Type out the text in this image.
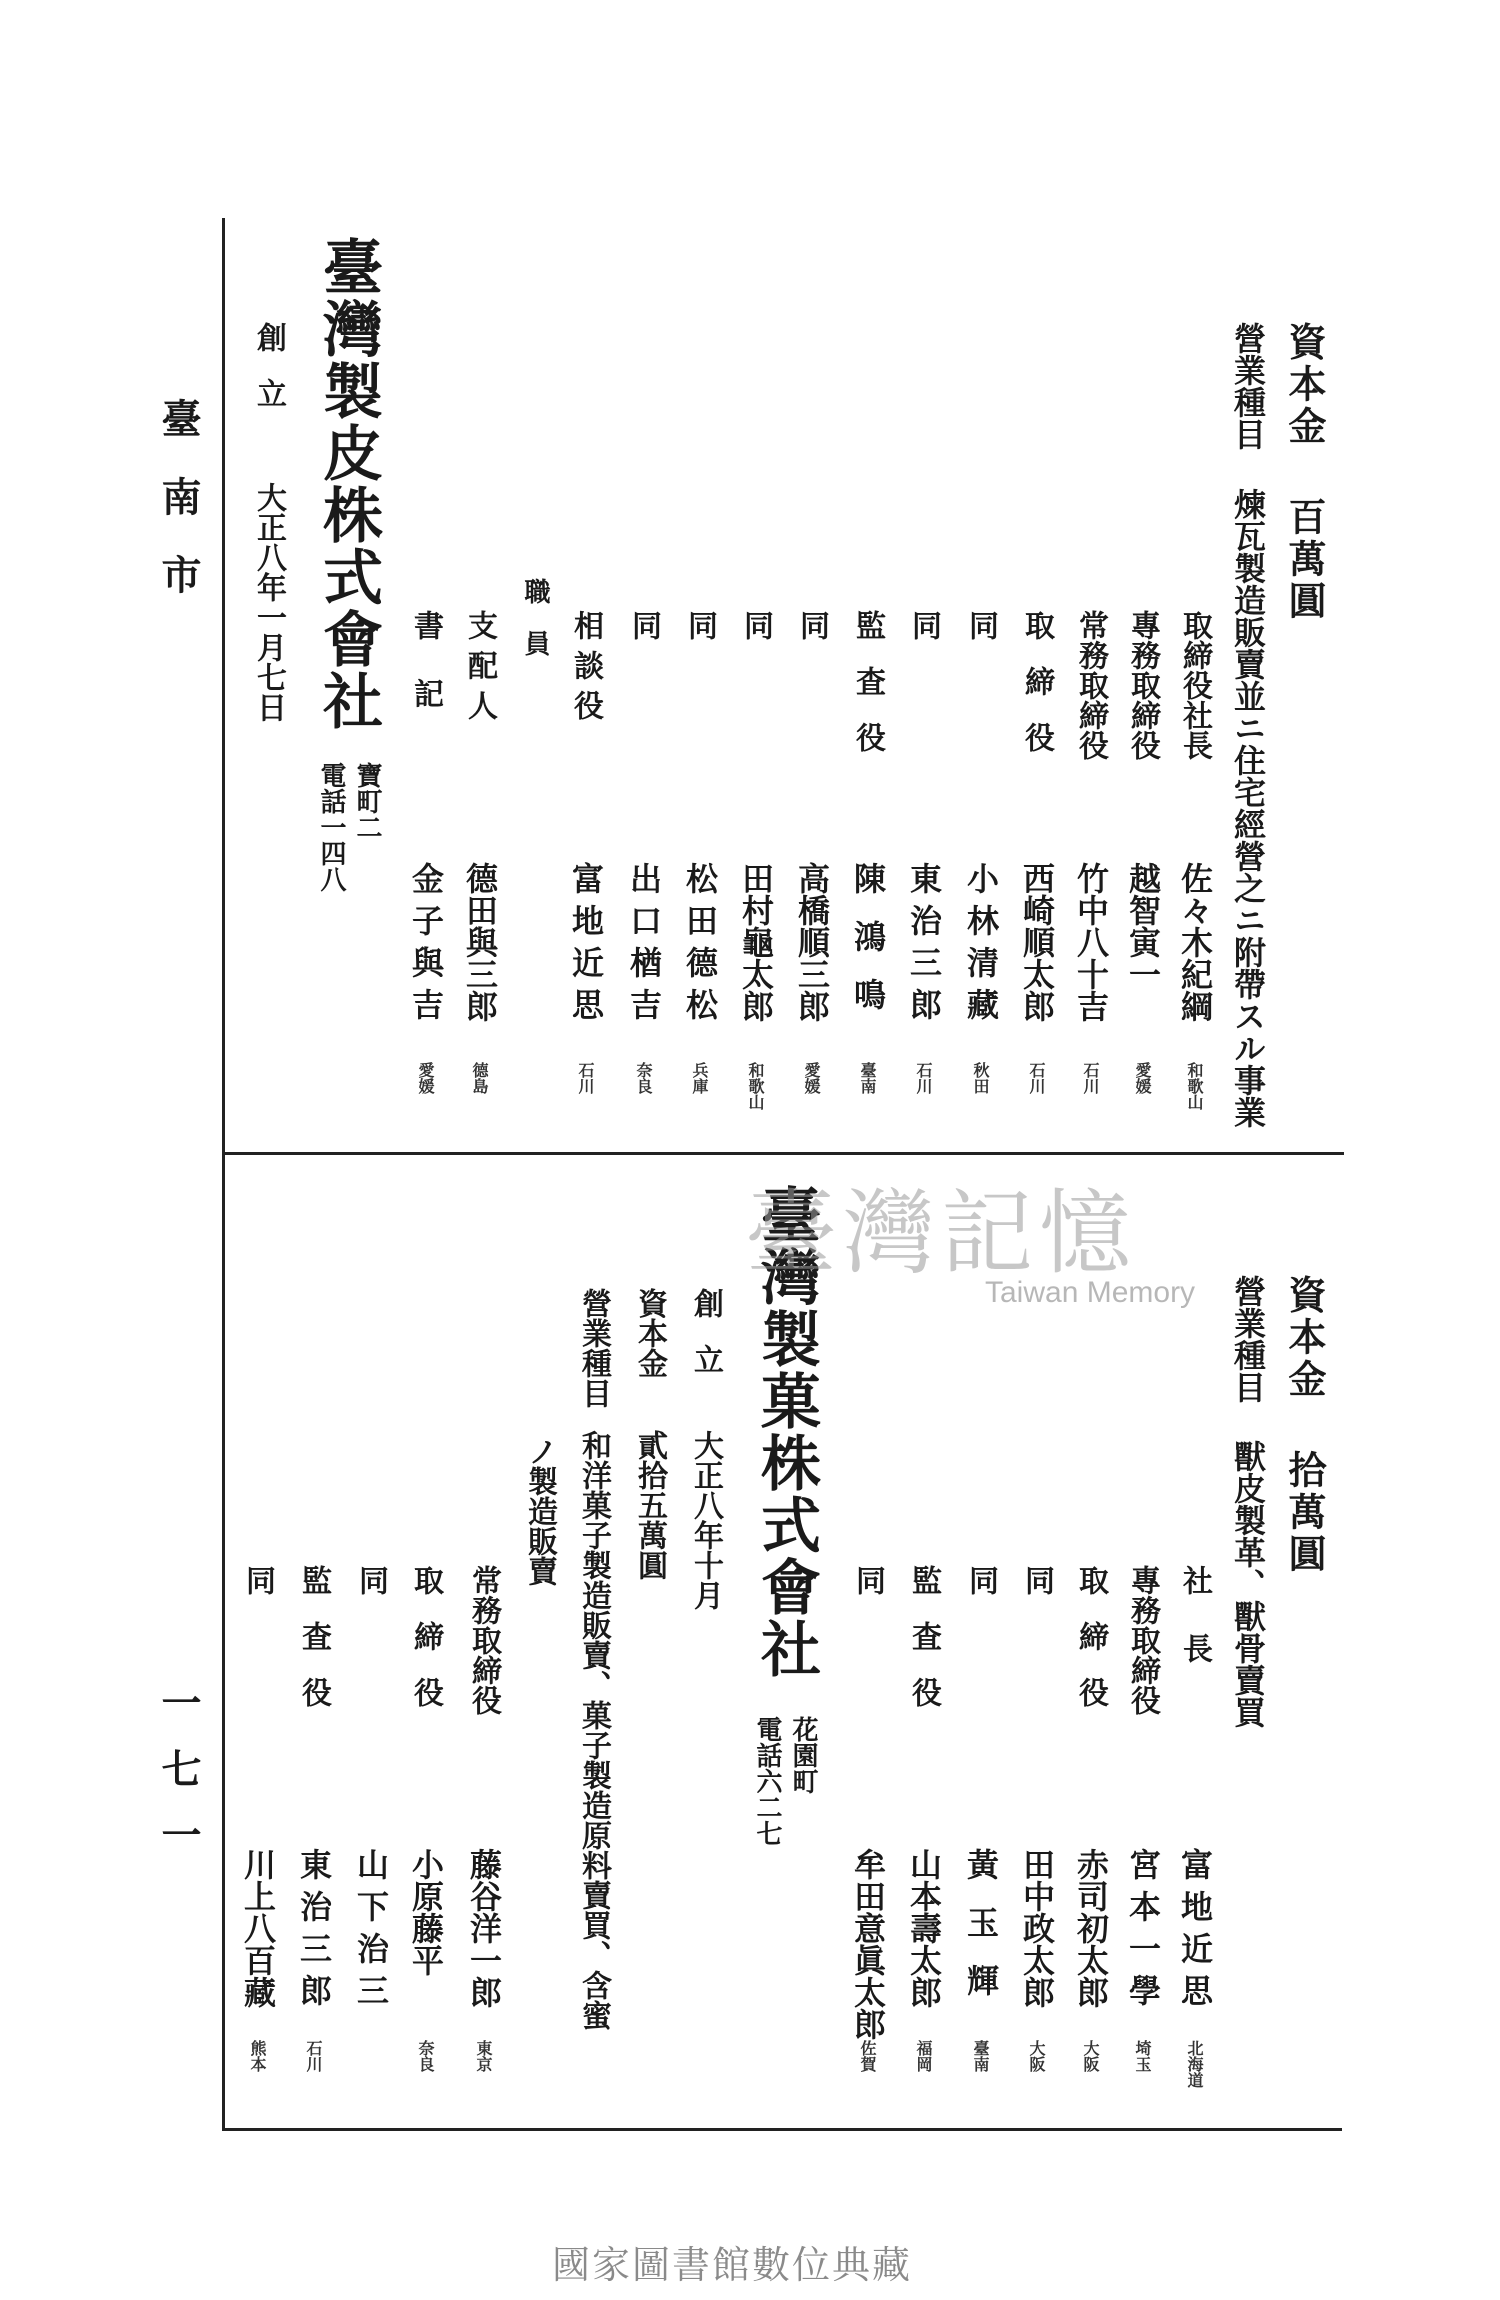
臺南市
一七一
資本金 百萬圓
營業種目
煉瓦製造販賣並ニ住宅經營之ニ附帶スル事業
取締役社長
佐々木紀綱
和歌山
專務取締役
越智寅一
愛媛
常務取締役
竹中八十吉
石川
取締役
西崎順太郎
石川
同
小林清藏
秋田
同
東治三郎
石川
監査役
陳鴻鳴
臺南
同
高橋順三郎
愛媛
同
田村龜太郎
和歌山
同
松田德松
兵庫
同
出口楢吉
奈良
相談役
富地近思
石川
職員
支配人
德田與三郎
德島
書記
金子與吉
愛媛
臺灣製皮株式會社
寶町二
電話一四八
創立
大正八年一月七日
資本金 拾萬圓
營業種目
獸皮製革、獸骨賣買
社長
富地近思
北海道
專務取締役
宮本一學
埼玉
取締役
赤司初太郎
大阪
同
田中政太郎
大阪
同
黃玉輝
臺南
監査役
山本壽太郎
福岡
同
牟田意眞太郎
佐賀
臺灣製菓株式會社
花園町
電話六二七
創立
大正八年十月
資本金
貳拾五萬圓
營業種目
和洋菓子製造販賣、菓子製造原料賣買、含蜜
ノ製造販賣
常務取締役
藤谷洋一郎
東京
取締役
小原藤平
奈良
同
山下治三
監査役
東治三郎
石川
同
川上八百藏
熊本
臺灣記憶
Taiwan Memory
國家圖書館數位典藏
